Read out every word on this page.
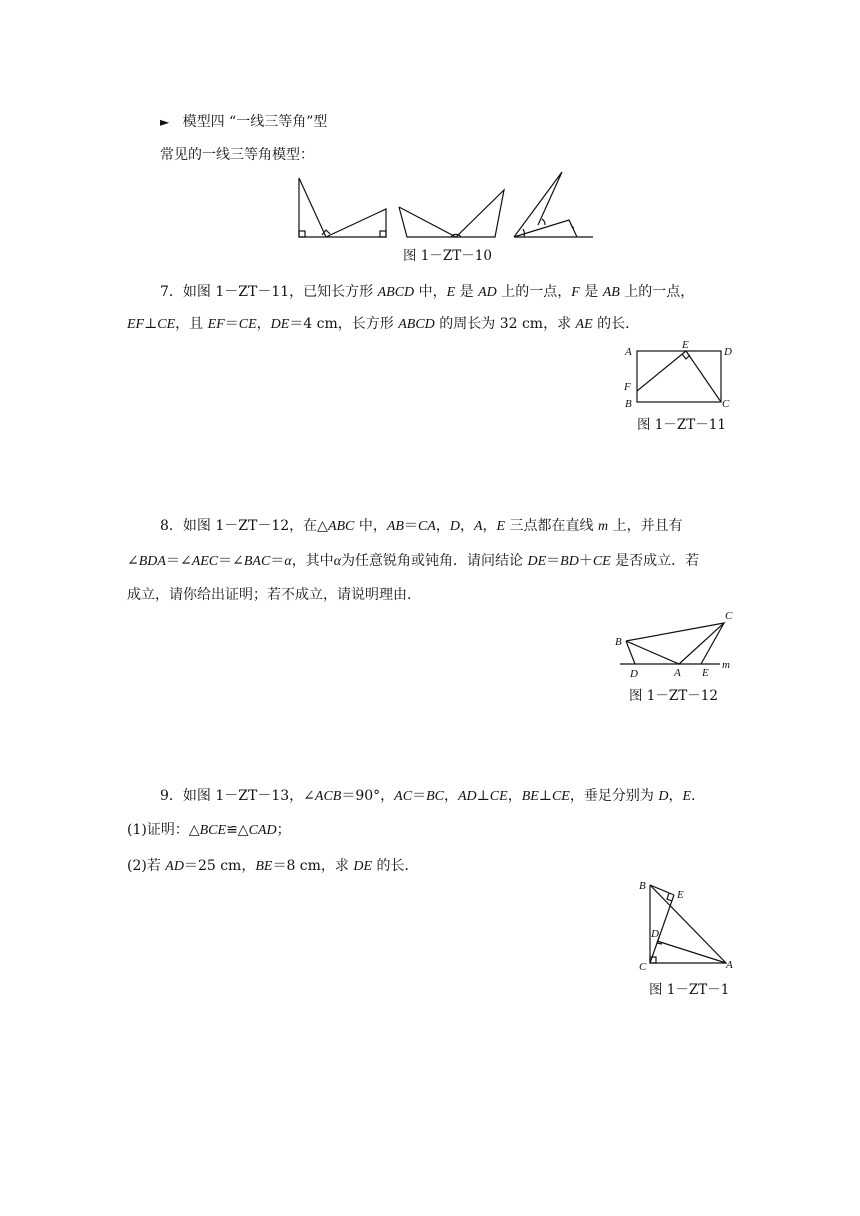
► 模型四 “一线三等角”型
常见的一线三等角模型：
图 1－ZT－10
7．如图 1－ZT－11，已知长方形 ABCD 中，E 是 AD 上的一点，F 是 AB 上的一点，
EF⊥CE，且 EF＝CE，DE＝4 cm，长方形 ABCD 的周长为 32 cm，求 AE 的长．
A
E
D
F
B	C
图 1－ZT－11
8．如图 1－ZT－12，在△ABC 中，AB＝CA，D，A，E 三点都在直线 m 上，并且有
∠BDA＝∠AEC＝∠BAC＝α，其中α为任意锐角或钝角．请问结论 DE＝BD＋CE 是否成立．若
成立，请你给出证明；若不成立，请说明理由．
C
B
m
D	A E
图 1－ZT－12
9．如图 1－ZT－13，∠ACB＝90°，AC＝BC，AD⊥CE，BE⊥CE，垂足分别为 D，E.
(1)证明：△BCE≌△CAD；
(2)若 AD＝25 cm，BE＝8 cm，求 DE 的长．
B
E
D
C	A
图 1－ZT－1
